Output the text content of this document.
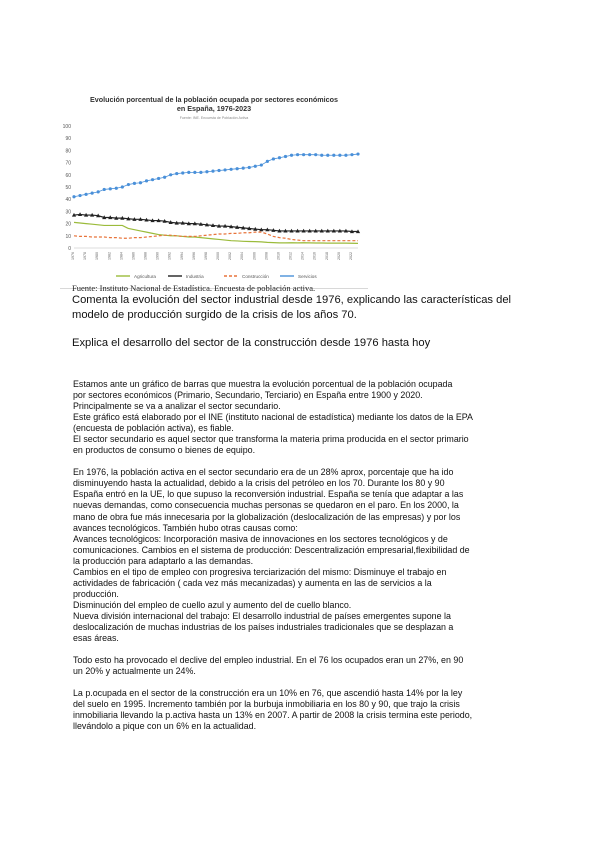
Evolución porcentual de la población ocupada por sectores económicos
en España, 1976-2023
Fuente: INE. Encuesta de Población Activa
0
10
20
30
40
50
60
70
80
90
100
1976 1978 1980 1982 1984 1986 1988 1990 1992 1994 1996 1998 2000 2002 2004 2006 2008 2010 2012 2014 2016 2018 2020 2022
Agricultura	Industria	Construcción	Servicios
Fuente: Instituto Nacional de Estadística. Encuesta de población activa.
Comenta la evolución del sector industrial desde 1976, explicando las características del modelo de producción surgido de la crisis de los años 70.
Explica el desarrollo del sector de la construcción desde 1976 hasta hoy

Estamos ante un gráfico de barras que muestra la evolución porcentual de la población ocupada
por sectores económicos (Primario, Secundario, Terciario) en España entre 1900 y 2020.
Principalmente se va a analizar el sector secundario.
Este gráfico está elaborado por el INE (instituto nacional de estadística) mediante los datos de la EPA
(encuesta de población activa), es fiable.
El sector secundario es aquel sector que transforma la materia prima producida en el sector primario
en productos de consumo o bienes de equipo.

En 1976, la población activa en el sector secundario era de un 28% aprox, porcentaje que ha ido
disminuyendo hasta la actualidad, debido a la crisis del petróleo en los 70. Durante los 80 y 90
España entró en la UE, lo que supuso la reconversión industrial. España se tenía que adaptar a las
nuevas demandas, como consecuencia muchas personas se quedaron en el paro. En los 2000, la
mano de obra fue más innecesaria por la globalización (deslocalización de las empresas) y por los
avances tecnológicos. También hubo otras causas como:
Avances tecnológicos: Incorporación masiva de innovaciones en los sectores tecnológicos y de
comunicaciones. Cambios en el sistema de producción: Descentralización empresarial,flexibilidad de
la producción para adaptarlo a las demandas.
Cambios en el tipo de empleo con progresiva terciarización del mismo: Disminuye el trabajo en
actividades de fabricación ( cada vez más mecanizadas) y aumenta en las de servicios a la
producción.
Disminución del empleo de cuello azul y aumento del de cuello blanco.
Nueva división internacional del trabajo: El desarrollo industrial de países emergentes supone la
deslocalización de muchas industrias de los países industriales tradicionales que se desplazan a
esas áreas.

Todo esto ha provocado el declive del empleo industrial. En el 76 los ocupados eran un 27%, en 90
un 20% y actualmente un 24%.

La p.ocupada en el sector de la construcción era un 10% en 76, que ascendió hasta 14% por la ley
del suelo en 1995. Incremento también por la burbuja inmobiliaria en los 80 y 90, que trajo la crisis
inmobiliaria llevando la p.activa hasta un 13% en 2007. A partir de 2008 la crisis termina este periodo,
llevándolo a pique con un 6% en la actualidad.
